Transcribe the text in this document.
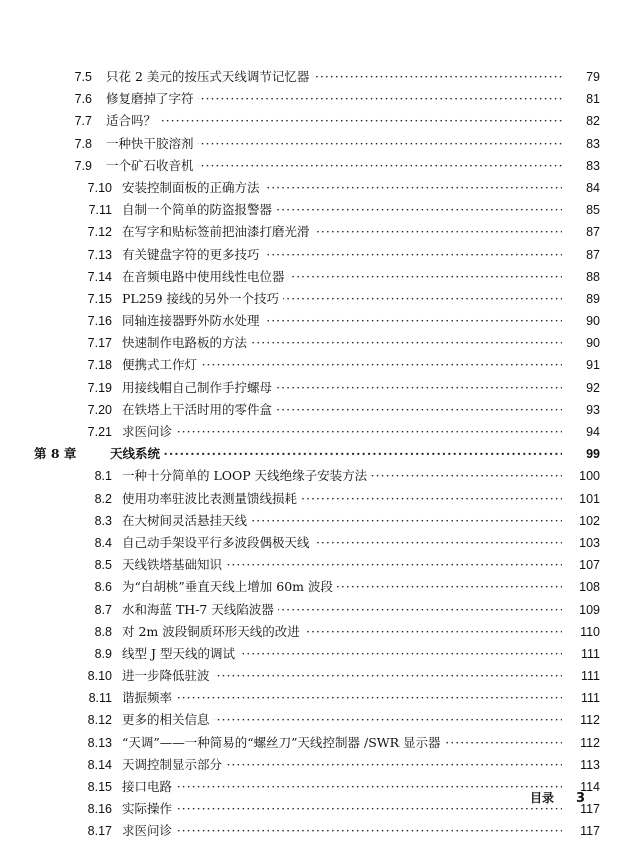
7.5 只花 2 美元的按压式天线调节记忆器 ·····	79
7.6 修复磨掉了字符 ·····	81
7.7 适合吗？ ·····	82
7.8 一种快干胶溶剂 ·····	83
7.9 一个矿石收音机 ·····	83
7.10 安装控制面板的正确方法 ·····	84
7.11 自制一个简单的防盗报警器 ·····	85
7.12 在写字和贴标签前把油漆打磨光滑 ·····	87
7.13 有关键盘字符的更多技巧 ·····	87
7.14 在音频电路中使用线性电位器 ·····	88
7.15 PL259 接线的另外一个技巧 ·····	89
7.16 同轴连接器野外防水处理 ·····	90
7.17 快速制作电路板的方法 ·····	90
7.18 便携式工作灯 ·····	91
7.19 用接线帽自己制作手拧螺母 ·····	92
7.20 在铁塔上干活时用的零件盒 ·····	93
7.21 求医问诊 ·····	94
第 8 章	天线系统 ·····	99
8.1 一种十分简单的 LOOP 天线绝缘子安装方法 ·····	100
8.2 使用功率驻波比表测量馈线损耗 ·····	101
8.3 在大树间灵活悬挂天线 ·····	102
8.4 自己动手架设平行多波段偶极天线 ·····	103
8.5 天线铁塔基础知识 ·····	107
8.6 为“白胡桃”垂直天线上增加 60m 波段 ·····	108
8.7 水和海蓝 TH-7 天线陷波器 ·····	109
8.8 对 2m 波段铜质环形天线的改进 ·····	110
8.9 线型 J 型天线的调试 ·····	111
8.10 进一步降低驻波 ·····	111
8.11 谐振频率 ·····	111
8.12 更多的相关信息 ·····	112
8.13 “天调”——一种简易的“螺丝刀”天线控制器 /SWR 显示器 ·····	112
8.14 天调控制显示部分 ·····	113
8.15 接口电路 ·····	114
8.16 实际操作 ·····	117
8.17 求医问诊 ·····	117
目录 3
